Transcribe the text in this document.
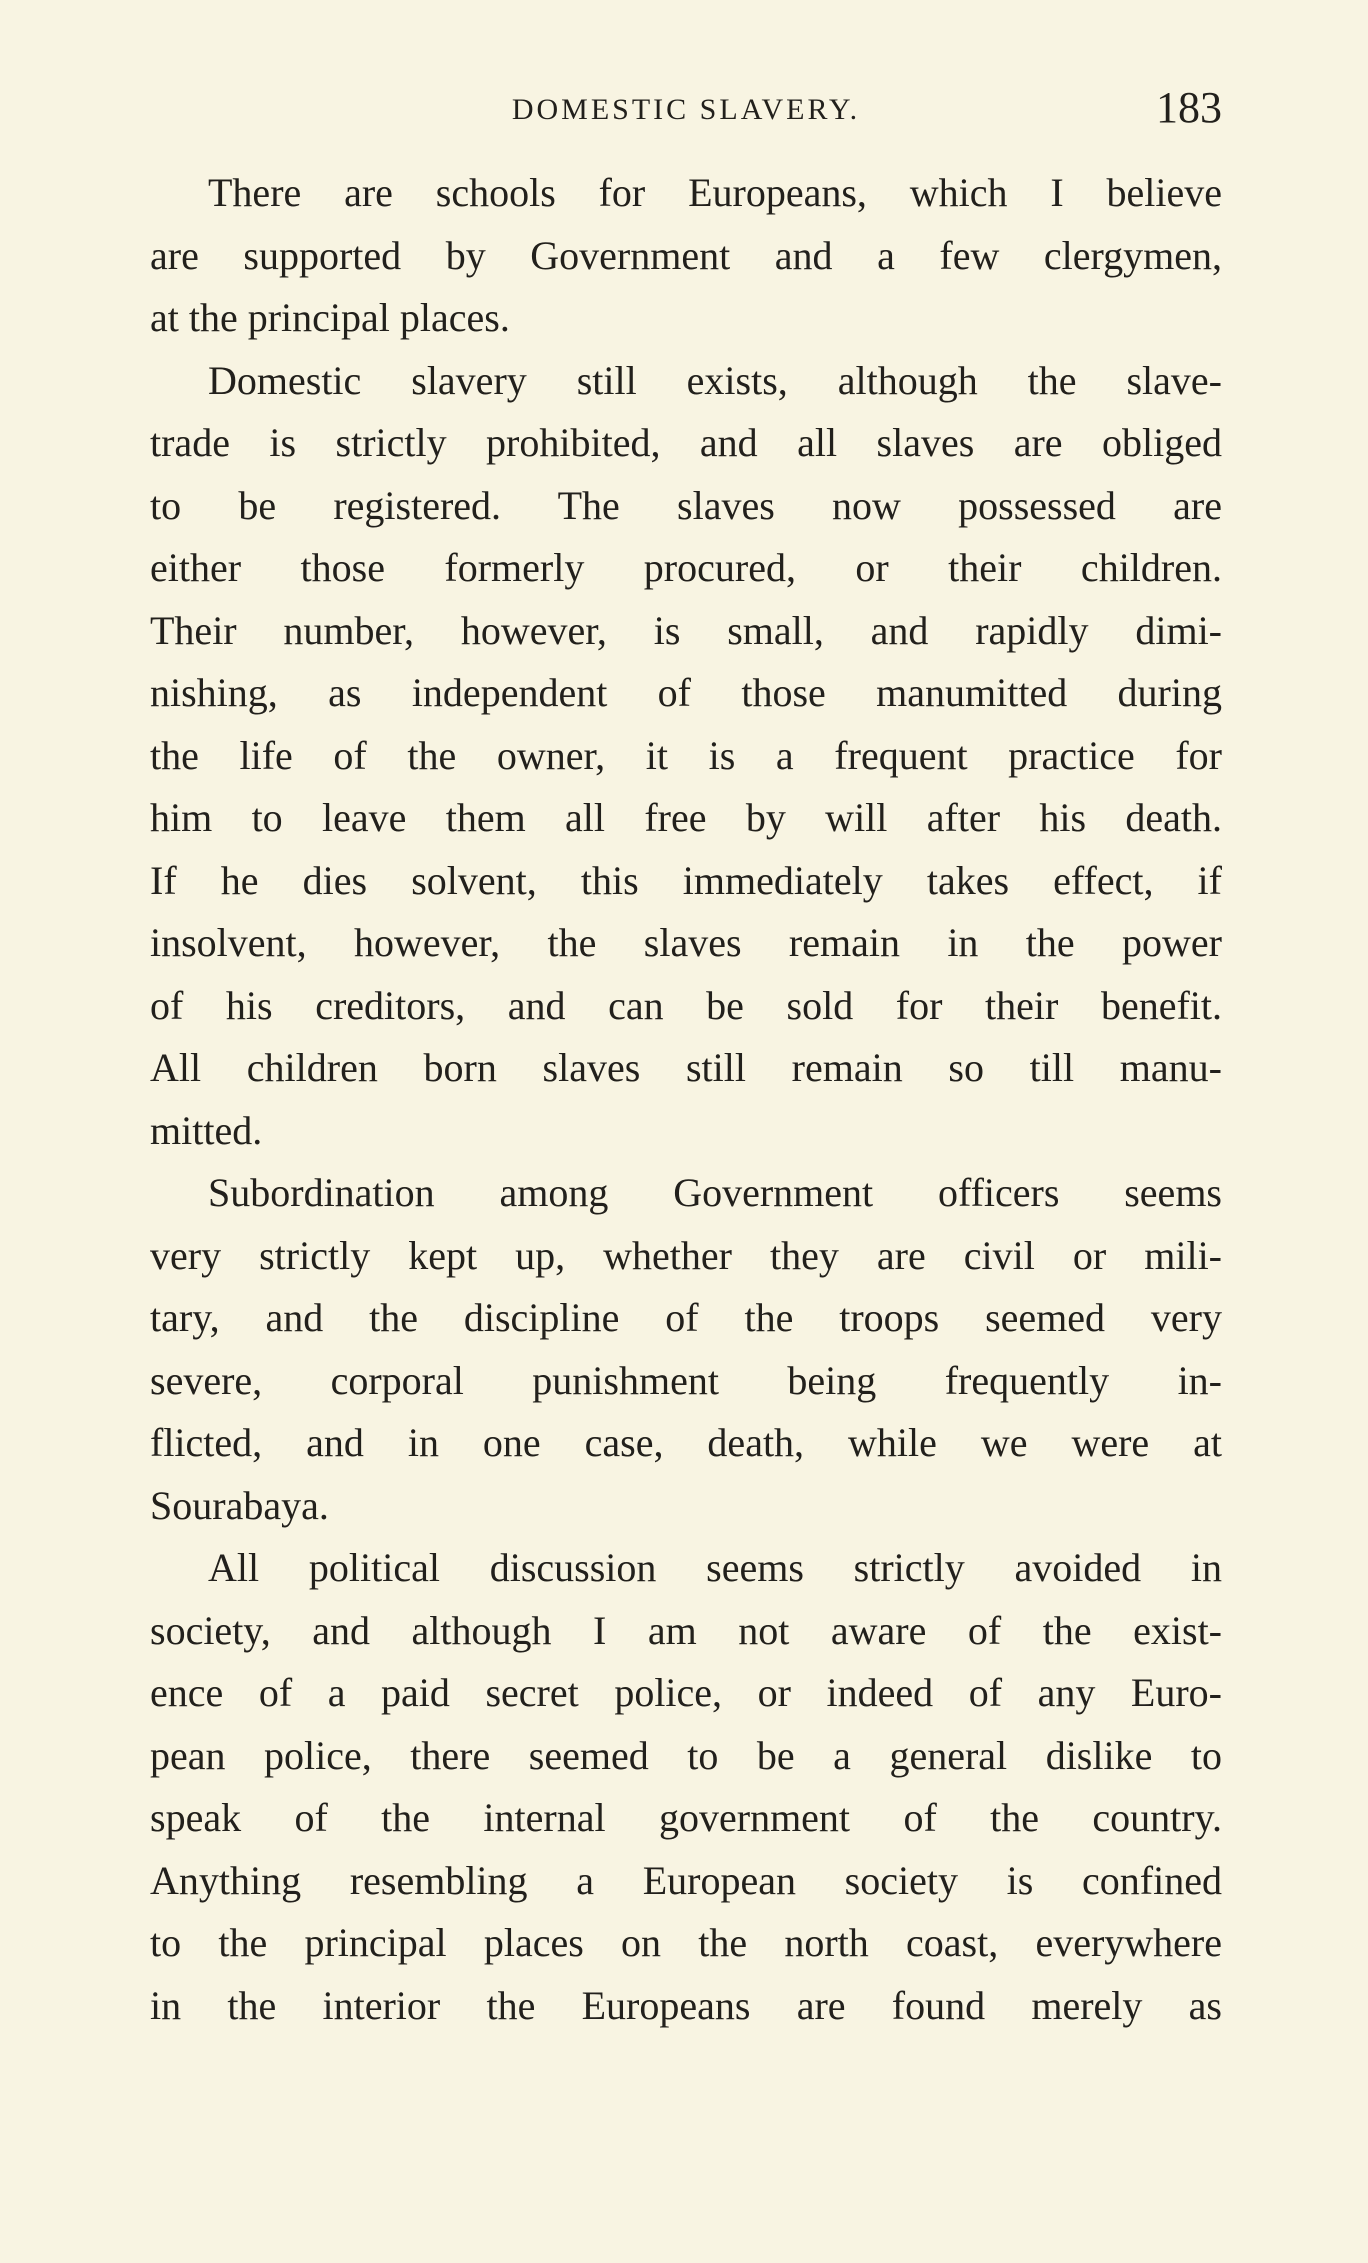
DOMESTIC SLAVERY.	183
There are schools for Europeans, which I believe
are supported by Government and a few clergymen,
at the principal places.
Domestic slavery still exists, although the slave-
trade is strictly prohibited, and all slaves are obliged
to be registered. The slaves now possessed are
either those formerly procured, or their children.
Their number, however, is small, and rapidly dimi-
nishing, as independent of those manumitted during
the life of the owner, it is a frequent practice for
him to leave them all free by will after his death.
If he dies solvent, this immediately takes effect, if
insolvent, however, the slaves remain in the power
of his creditors, and can be sold for their benefit.
All children born slaves still remain so till manu-
mitted.
Subordination among Government officers seems
very strictly kept up, whether they are civil or mili-
tary, and the discipline of the troops seemed very
severe, corporal punishment being frequently in-
flicted, and in one case, death, while we were at
Sourabaya.
All political discussion seems strictly avoided in
society, and although I am not aware of the exist-
ence of a paid secret police, or indeed of any Euro-
pean police, there seemed to be a general dislike to
speak of the internal government of the country.
Anything resembling a European society is confined
to the principal places on the north coast, everywhere
in the interior the Europeans are found merely as
